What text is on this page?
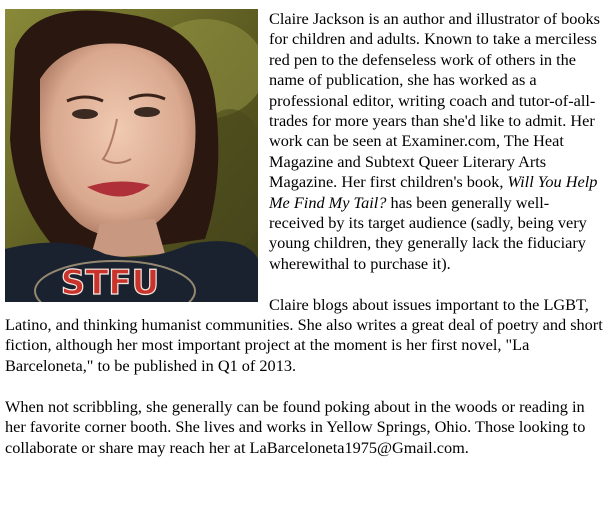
STFU

Claire Jackson is an author and illustrator of books for children and adults. Known to take a merciless red pen to the defenseless work of others in the name of publication, she has worked as a professional editor, writing coach and tutor-of-all-trades for more years than she'd like to admit. Her work can be seen at Examiner.com, The Heat Magazine and Subtext Queer Literary Arts Magazine. Her first children's book, Will You Help Me Find My Tail? has been generally well-received by its target audience (sadly, being very young children, they generally lack the fiduciary wherewithal to purchase it).

Claire blogs about issues important to the LGBT, Latino, and thinking humanist communities. She also writes a great deal of poetry and short fiction, although her most important project at the moment is her first novel, "La Barceloneta," to be published in Q1 of 2013.

When not scribbling, she generally can be found poking about in the woods or reading in her favorite corner booth. She lives and works in Yellow Springs, Ohio. Those looking to collaborate or share may reach her at LaBarceloneta1975@Gmail.com.
